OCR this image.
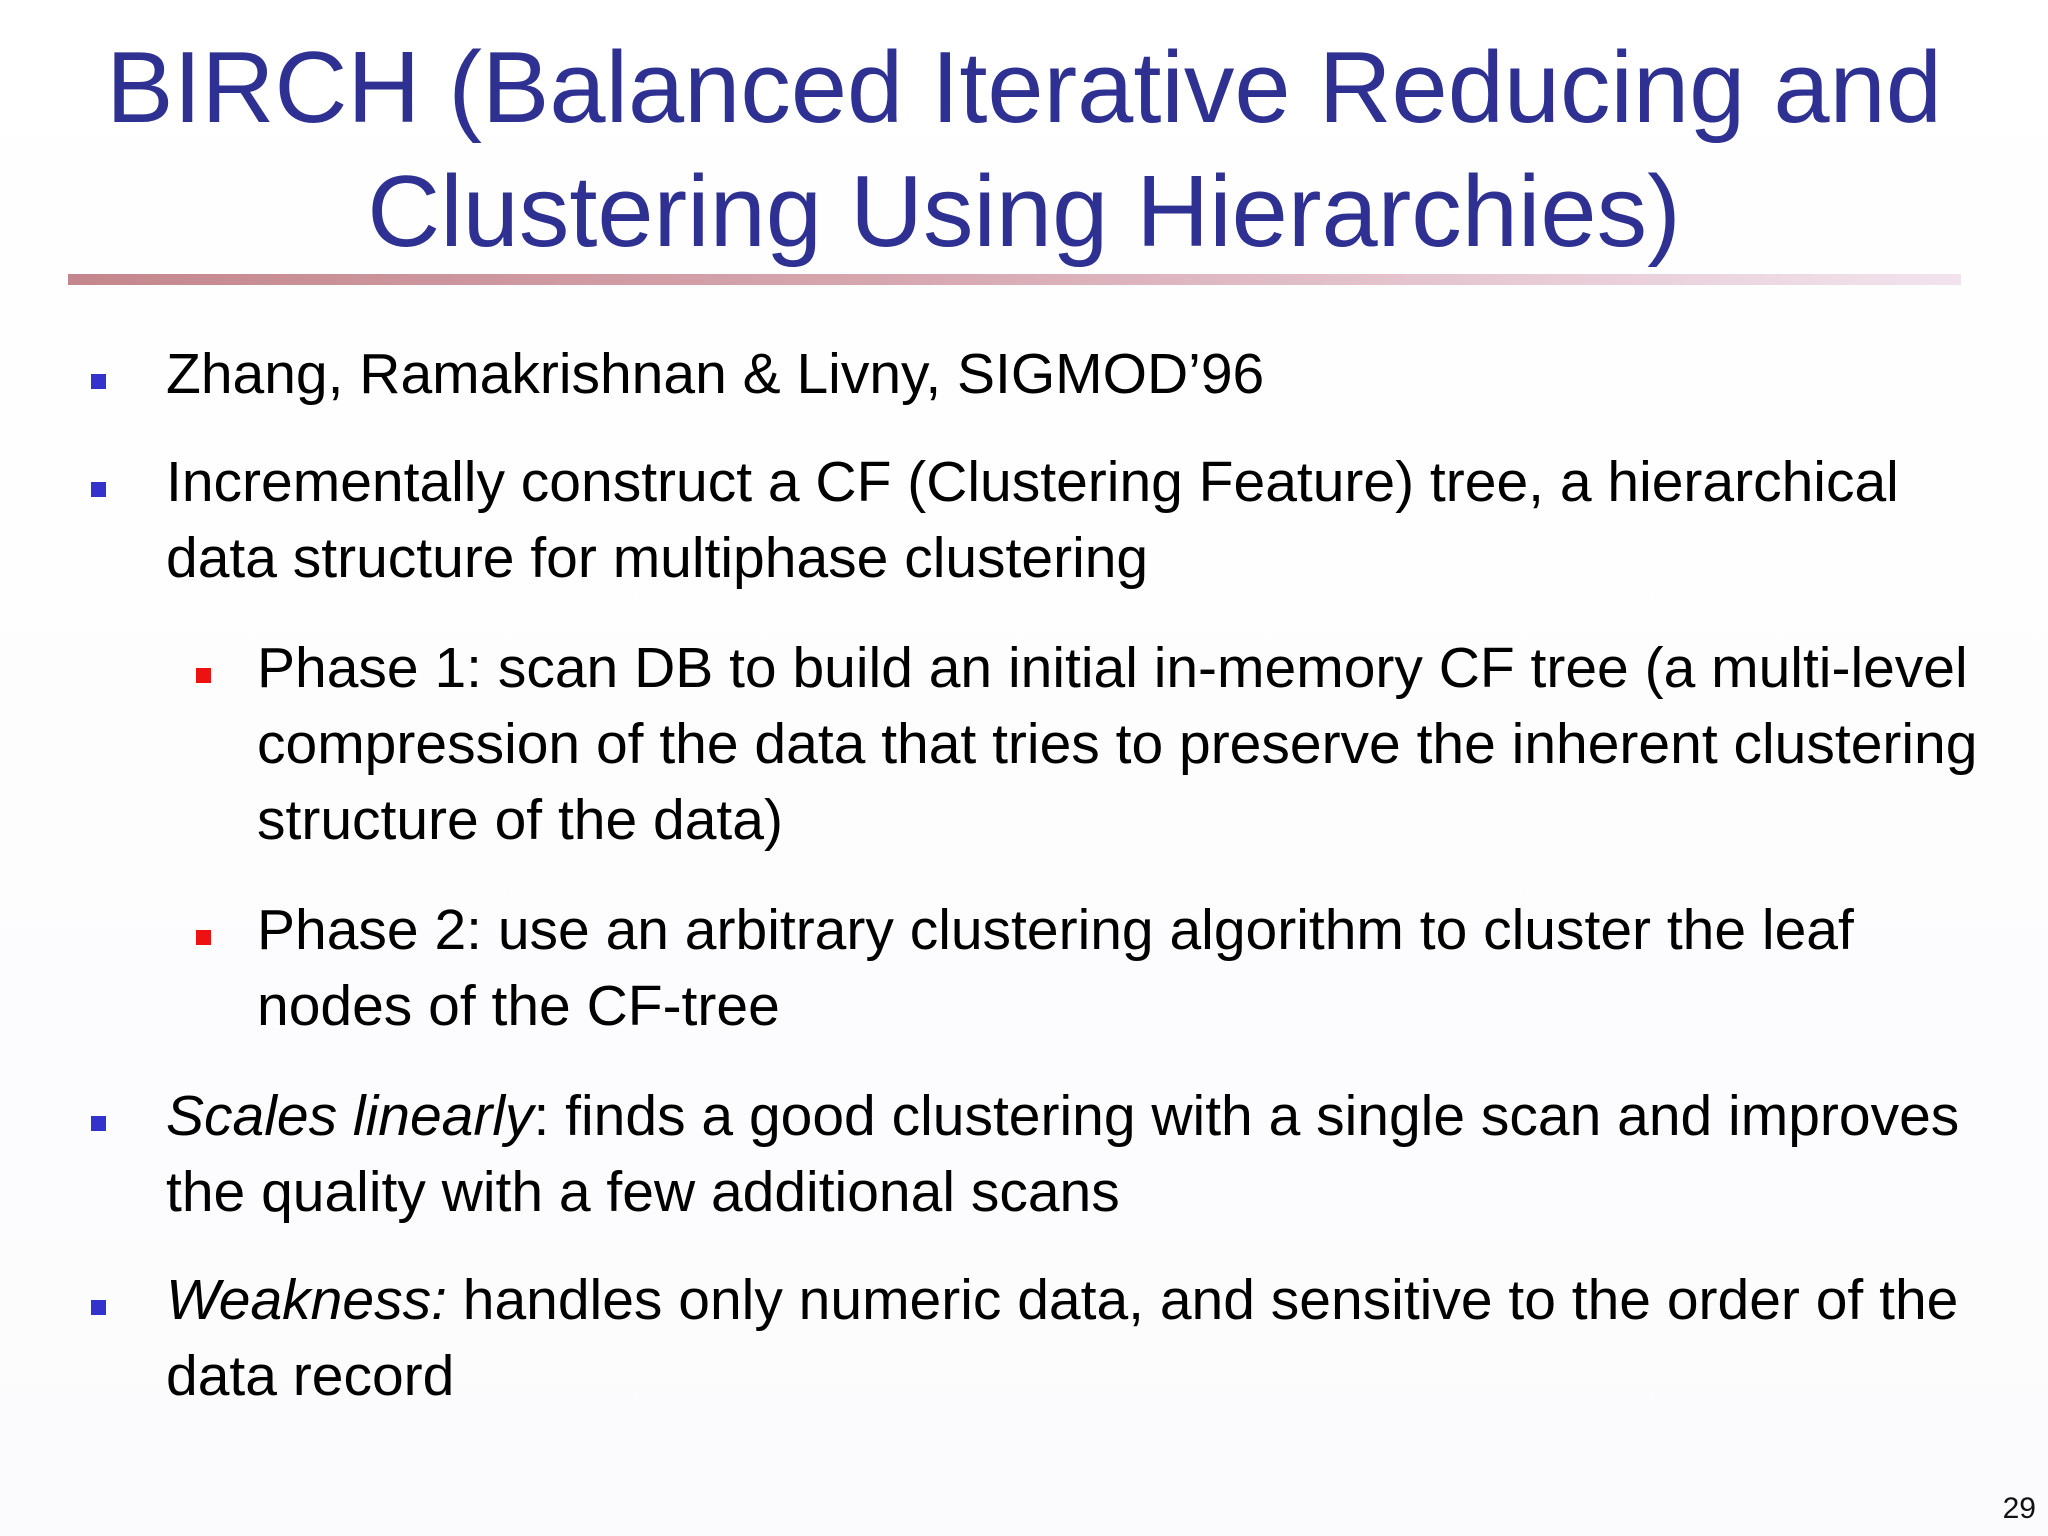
BIRCH (Balanced Iterative Reducing and
Clustering Using Hierarchies)
Zhang, Ramakrishnan & Livny, SIGMOD’96
Incrementally construct a CF (Clustering Feature) tree, a hierarchical
data structure for multiphase clustering
Phase 1: scan DB to build an initial in-memory CF tree (a multi-level
compression of the data that tries to preserve the inherent clustering
structure of the data)
Phase 2: use an arbitrary clustering algorithm to cluster the leaf
nodes of the CF-tree
Scales linearly: finds a good clustering with a single scan and improves
the quality with a few additional scans
Weakness: handles only numeric data, and sensitive to the order of the
data record
29
